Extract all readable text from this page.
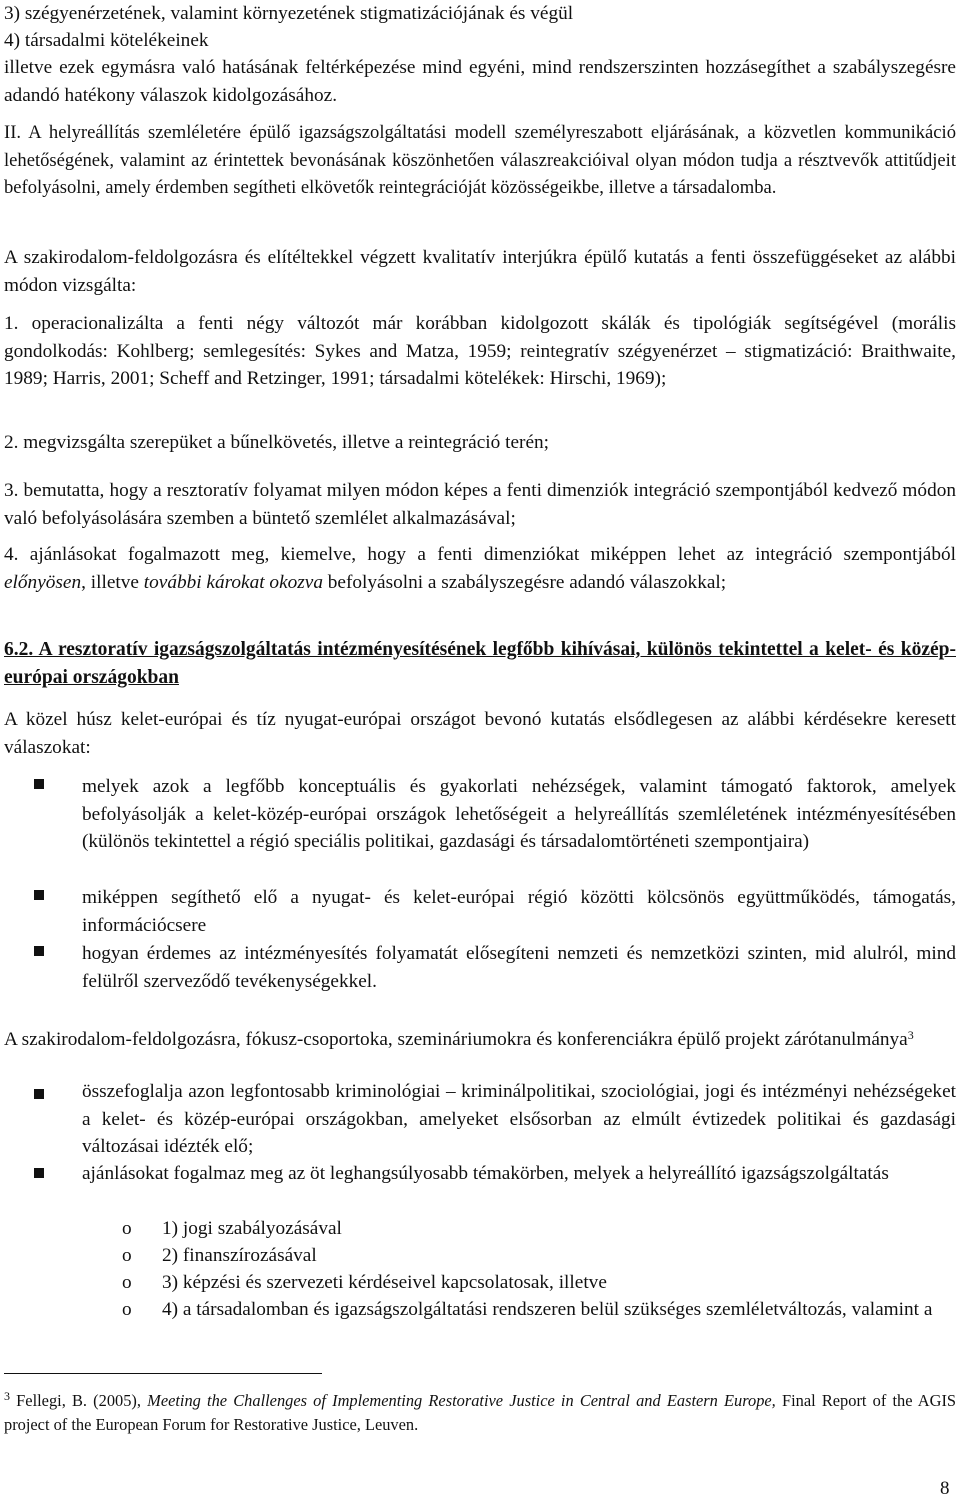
3) szégyenérzetének, valamint környezetének stigmatizációjának és végül

4) társadalmi kötelékeinek

illetve ezek egymásra való hatásának feltérképezése mind egyéni, mind rendszerszinten hozzásegíthet a szabályszegésre adandó hatékony válaszok kidolgozásához.

II. A helyreállítás szemléletére épülő igazságszolgáltatási modell személyreszabott eljárásának, a közvetlen kommunikáció lehetőségének, valamint az érintettek bevonásának köszönhetően válaszreakcióival olyan módon tudja a résztvevők attitűdjeit befolyásolni, amely érdemben segítheti elkövetők reintegrációját közösségeikbe, illetve a társadalomba.

A szakirodalom-feldolgozásra és elítéltekkel végzett kvalitatív interjúkra épülő kutatás a fenti összefüggéseket az alábbi módon vizsgálta:

1. operacionalizálta a fenti négy változót már korábban kidolgozott skálák és tipológiák segítségével (morális gondolkodás: Kohlberg; semlegesítés: Sykes and Matza, 1959; reintegratív szégyenérzet – stigmatizáció: Braithwaite, 1989; Harris, 2001; Scheff and Retzinger, 1991; társadalmi kötelékek: Hirschi, 1969);

2. megvizsgálta szerepüket a bűnelkövetés, illetve a reintegráció terén;

3. bemutatta, hogy a resztoratív folyamat milyen módon képes a fenti dimenziók integráció szempontjából kedvező módon való befolyásolására szemben a büntető szemlélet alkalmazásával;

4. ajánlásokat fogalmazott meg, kiemelve, hogy a fenti dimenziókat miképpen lehet az integráció szempontjából előnyösen, illetve további károkat okozva befolyásolni a szabályszegésre adandó válaszokkal;

6.2. A resztoratív igazságszolgáltatás intézményesítésének legfőbb kihívásai, különös tekintettel a kelet- és közép-európai országokban

A közel húsz kelet-európai és tíz nyugat-európai országot bevonó kutatás elsődlegesen az alábbi kérdésekre keresett válaszokat:

melyek azok a legfőbb konceptuális és gyakorlati nehézségek, valamint támogató faktorok, amelyek befolyásolják a kelet-közép-európai országok lehetőségeit a helyreállítás szemléletének intézményesítésében (különös tekintettel a régió speciális politikai, gazdasági és társadalomtörténeti szempontjaira)

miképpen segíthető elő a nyugat- és kelet-európai régió közötti kölcsönös együttműködés, támogatás, információcsere

hogyan érdemes az intézményesítés folyamatát elősegíteni nemzeti és nemzetközi szinten, mid alulról, mind felülről szerveződő tevékenységekkel.

A szakirodalom-feldolgozásra, fókusz-csoportoka, szemináriumokra és konferenciákra épülő projekt zárótanulmánya$^3$

összefoglalja azon legfontosabb kriminológiai – kriminálpolitikai, szociológiai, jogi és intézményi nehézségeket a kelet- és közép-európai országokban, amelyeket elsősorban az elmúlt évtizedek politikai és gazdasági változásai idézték elő;

ajánlásokat fogalmaz meg az öt leghangsúlyosabb témakörben, melyek a helyreállító igazságszolgáltatás

o	1) jogi szabályozásával

o	2) finanszírozásával

o	3) képzési és szervezeti kérdéseivel kapcsolatosak, illetve

o	4) a társadalomban és igazságszolgáltatási rendszeren belül szükséges szemléletváltozás, valamint a

$^3$ Fellegi, B. (2005), Meeting the Challenges of Implementing Restorative Justice in Central and Eastern Europe, Final Report of the AGIS project of the European Forum for Restorative Justice, Leuven.

8
